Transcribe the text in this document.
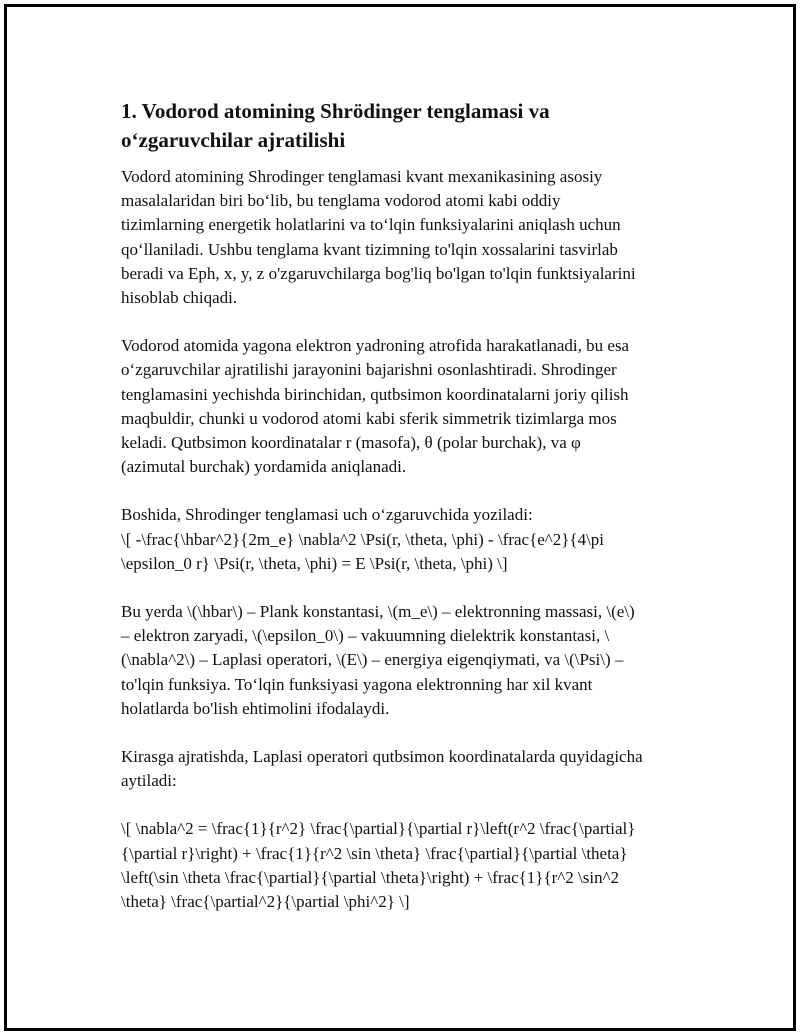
1. Vodorod atomining Shrödinger tenglamasi va
o‘zgaruvchilar ajratilishi

Vodord atomining Shrodinger tenglamasi kvant mexanikasining asosiy
masalalaridan biri bo‘lib, bu tenglama vodorod atomi kabi oddiy
tizimlarning energetik holatlarini va to‘lqin funksiyalarini aniqlash uchun
qo‘llaniladi. Ushbu tenglama kvant tizimning to'lqin xossalarini tasvirlab
beradi va Eph, x, y, z o'zgaruvchilarga bog'liq bo'lgan to'lqin funktsiyalarini
hisoblab chiqadi.

Vodorod atomida yagona elektron yadroning atrofida harakatlanadi, bu esa
o‘zgaruvchilar ajratilishi jarayonini bajarishni osonlashtiradi. Shrodinger
tenglamasini yechishda birinchidan, qutbsimon koordinatalarni joriy qilish
maqbuldir, chunki u vodorod atomi kabi sferik simmetrik tizimlarga mos
keladi. Qutbsimon koordinatalar r (masofa), θ (polar burchak), va φ
(azimutal burchak) yordamida aniqlanadi.

Boshida, Shrodinger tenglamasi uch o‘zgaruvchida yoziladi:
\[ -\frac{\hbar^2}{2m_e} \nabla^2 \Psi(r, \theta, \phi) - \frac{e^2}{4\pi
\epsilon_0 r} \Psi(r, \theta, \phi) = E \Psi(r, \theta, \phi) \]

Bu yerda \(\hbar\) – Plank konstantasi, \(m_e\) – elektronning massasi, \(e\)
– elektron zaryadi, \(\epsilon_0\) – vakuumning dielektrik konstantasi, \
(\nabla^2\) – Laplasi operatori, \(E\) – energiya eigenqiymati, va \(\Psi\) –
to'lqin funksiya. To‘lqin funksiyasi yagona elektronning har xil kvant
holatlarda bo'lish ehtimolini ifodalaydi.

Kirasga ajratishda, Laplasi operatori qutbsimon koordinatalarda quyidagicha
aytiladi:

\[ \nabla^2 = \frac{1}{r^2} \frac{\partial}{\partial r}\left(r^2 \frac{\partial}
{\partial r}\right) + \frac{1}{r^2 \sin \theta} \frac{\partial}{\partial \theta}
\left(\sin \theta \frac{\partial}{\partial \theta}\right) + \frac{1}{r^2 \sin^2
\theta} \frac{\partial^2}{\partial \phi^2} \]
